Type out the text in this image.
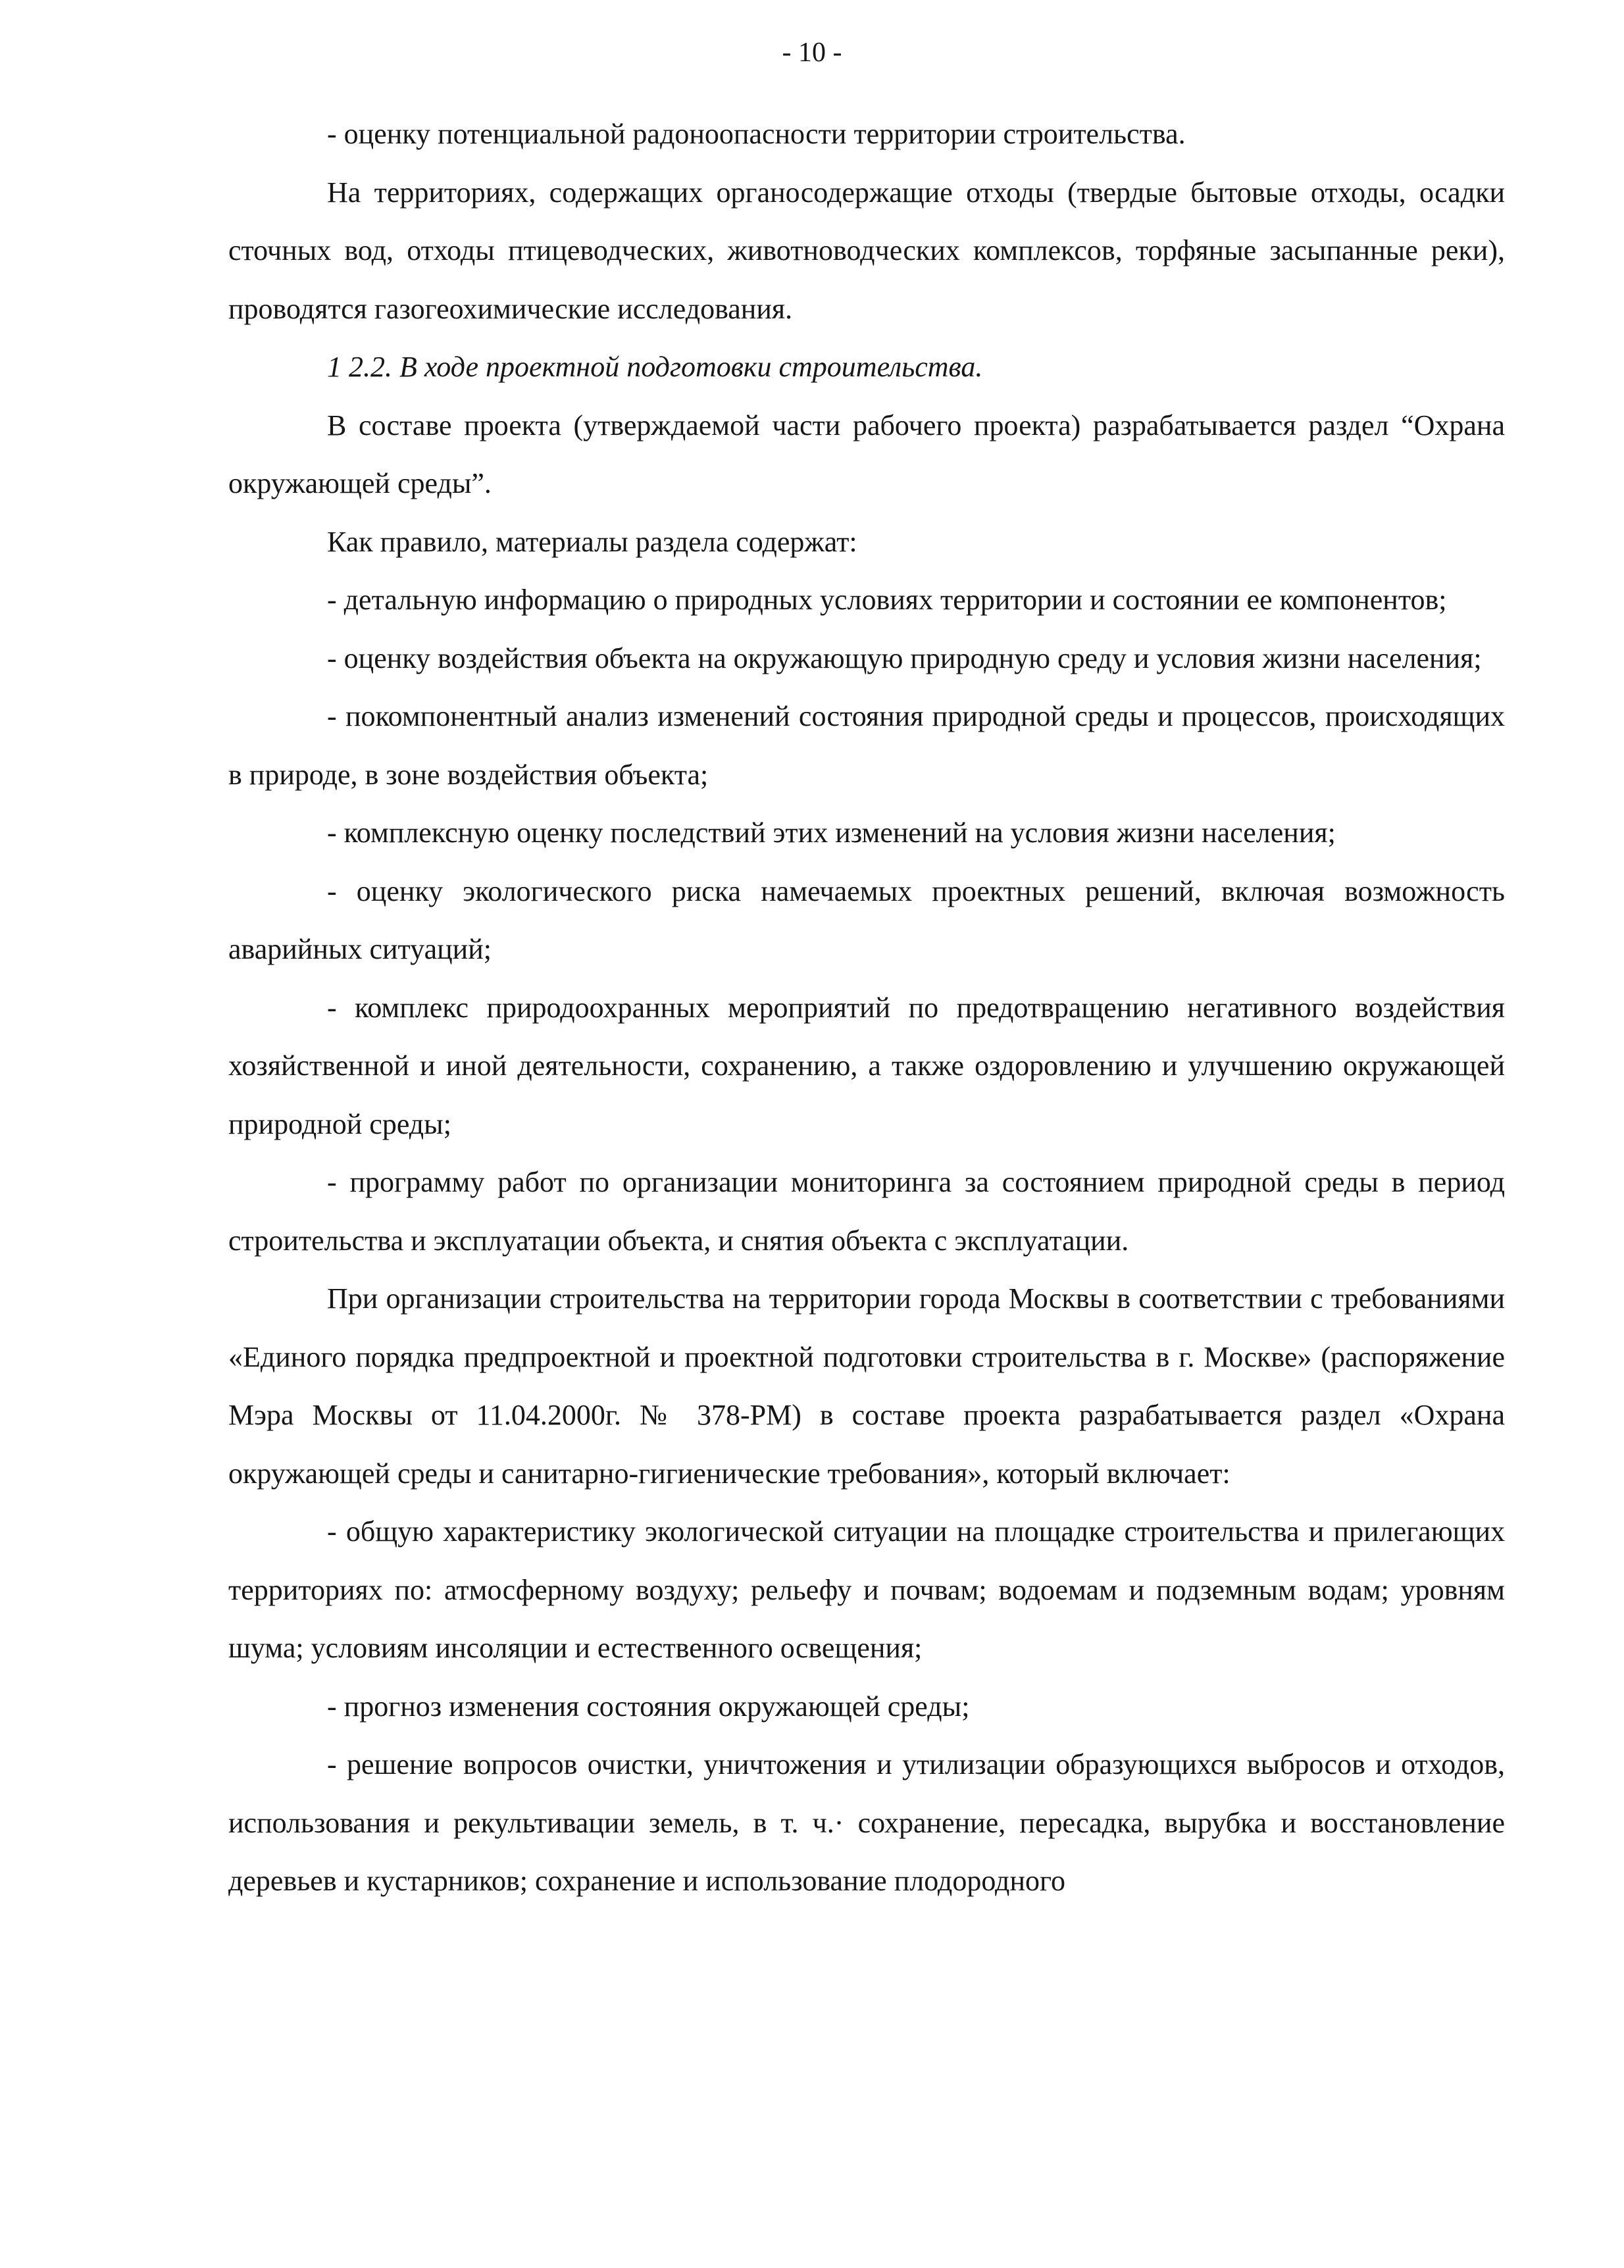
- 10 -

- оценку потенциальной радоноопасности территории строительства.

На территориях, содержащих органосодержащие отходы (твердые бытовые отходы, осадки сточных вод, отходы птицеводческих, животноводческих комплексов, торфяные засыпанные реки), проводятся газогеохимические исследования.

1 2.2. В ходе проектной подготовки строительства.

В составе проекта (утверждаемой части рабочего проекта) разрабатывается раздел “Охрана окружающей среды”.

Как правило, материалы раздела содержат:

- детальную информацию о природных условиях территории и состоянии ее компонентов;

- оценку воздействия объекта на окружающую природную среду и условия жизни населения;

- покомпонентный анализ изменений состояния природной среды и процессов, происходящих в природе, в зоне воздействия объекта;

- комплексную оценку последствий этих изменений на условия жизни населения;

- оценку экологического риска намечаемых проектных решений, включая возможность аварийных ситуаций;

- комплекс природоохранных мероприятий по предотвращению негативного воздействия хозяйственной и иной деятельности, сохранению, а также оздоровлению и улучшению окружающей природной среды;

- программу работ по организации мониторинга за состоянием природной среды в период строительства и эксплуатации объекта, и снятия объекта с эксплуатации.

При организации строительства на территории города Москвы в соответствии с требованиями «Единого порядка предпроектной и проектной подготовки строительства в г. Москве» (распоряжение Мэра Москвы от 11.04.2000г. № 378-РМ) в составе проекта разрабатывается раздел «Охрана окружающей среды и санитарно-гигиенические требования», который включает:

- общую характеристику экологической ситуации на площадке строительства и прилегающих территориях по: атмосферному воздуху; рельефу и почвам; водоемам и подземным водам; уровням шума; условиям инсоляции и естественного освещения;

- прогноз изменения состояния окружающей среды;

- решение вопросов очистки, уничтожения и утилизации образующихся выбросов и отходов, использования и рекультивации земель, в т. ч.· сохранение, пересадка, вырубка и восстановление деревьев и кустарников; сохранение и использование плодородного
